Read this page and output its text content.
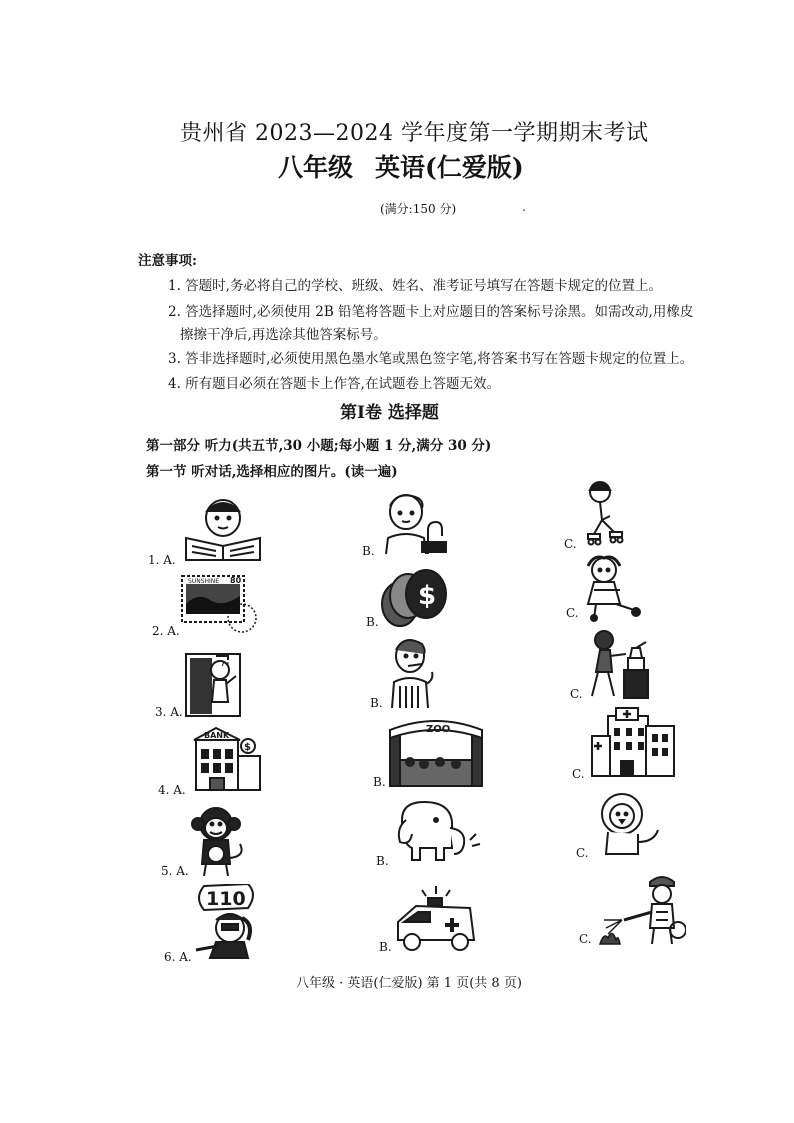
贵州省 2023—2024 学年度第一学期期末考试
八年级 英语(仁爱版)
(满分:150 分)	.
注意事项:
1. 答题时,务必将自己的学校、班级、姓名、准考证号填写在答题卡规定的位置上。
2. 答选择题时,必须使用 2B 铅笔将答题卡上对应题目的答案标号涂黑。如需改动,用橡皮
擦擦干净后,再选涂其他答案标号。
3. 答非选择题时,必须使用黑色墨水笔或黑色签字笔,将答案书写在答题卡规定的位置上。
4. 所有题目必须在答题卡上作答,在试题卷上答题无效。
第Ⅰ卷 选择题
第一部分 听力(共五节,30 小题;每小题 1 分,满分 30 分)
第一节 听对话,选择相应的图片。(读一遍)
1. A.
B.	C.
2. A.
B.
C.
3. A.
B.
C.
4. A.
B.
C.
5. A.
B.
C.
6. A.
B.
C.
SUNSHINE 80
$
BANK
$
ZOO
110
八年级 · 英语(仁爱版) 第 1 页(共 8 页)
